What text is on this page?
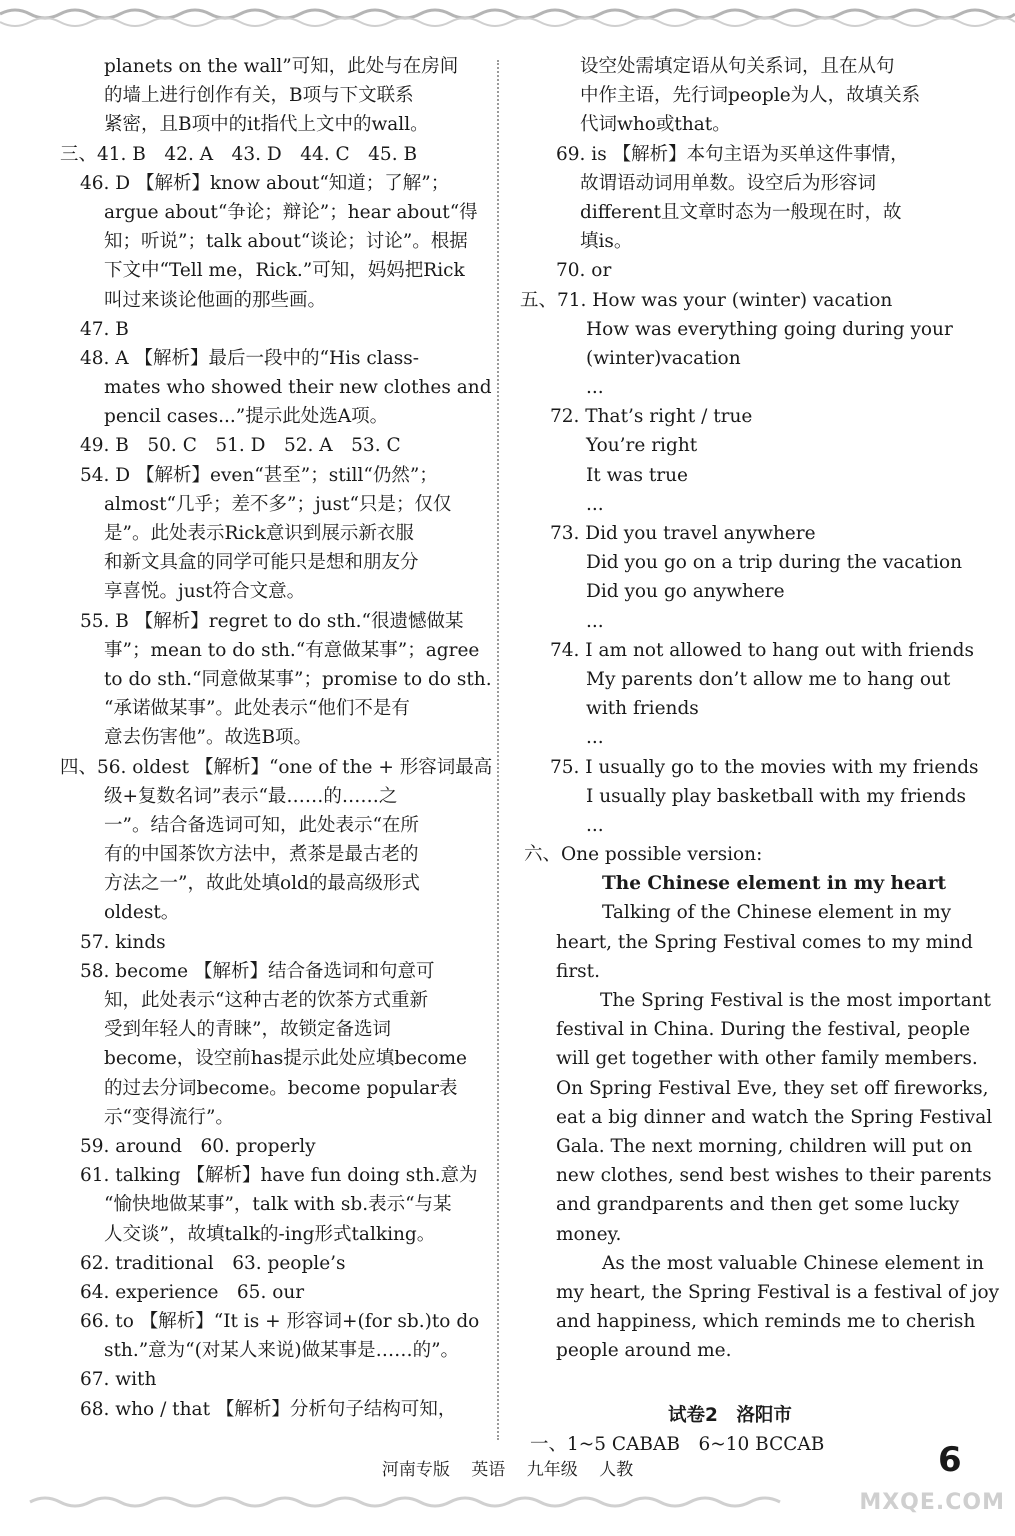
planets on the wall”可知，此处与在房间
的墙上进行创作有关，B项与下文联系
紧密，且B项中的it指代上文中的wall。
三、41. B　42. A　43. D　44. C　45. B
46. D 【解析】know about“知道；了解”；
argue about“争论；辩论”；hear about“得
知；听说”；talk about“谈论；讨论”。根据
下文中“Tell me，Rick.”可知，妈妈把Rick
叫过来谈论他画的那些画。
47. B
48. A 【解析】最后一段中的“His class-
mates who showed their new clothes and
pencil cases...”提示此处选A项。
49. B　50. C　51. D　52. A　53. C
54. D 【解析】even“甚至”；still“仍然”；
almost“几乎；差不多”；just“只是；仅仅
是”。此处表示Rick意识到展示新衣服
和新文具盒的同学可能只是想和朋友分
享喜悦。just符合文意。
55. B 【解析】regret to do sth.“很遗憾做某
事”；mean to do sth.“有意做某事”；agree
to do sth.“同意做某事”；promise to do sth.
“承诺做某事”。此处表示“他们不是有
意去伤害他”。故选B项。
四、56. oldest 【解析】“one of the + 形容词最高
级+复数名词”表示“最……的……之
一”。结合备选词可知，此处表示“在所
有的中国茶饮方法中，煮茶是最古老的
方法之一”，故此处填old的最高级形式
oldest。
57. kinds
58. become 【解析】结合备选词和句意可
知，此处表示“这种古老的饮茶方式重新
受到年轻人的青睐”，故锁定备选词
become，设空前has提示此处应填become
的过去分词become。become popular表
示“变得流行”。
59. around　60. properly
61. talking 【解析】have fun doing sth.意为
“愉快地做某事”，talk with sb.表示“与某
人交谈”，故填talk的-ing形式talking。
62. traditional　63. people’s
64. experience　65. our
66. to 【解析】“It is + 形容词+(for sb.)to do
sth.”意为“(对某人来说)做某事是……的”。
67. with
68. who / that 【解析】分析句子结构可知，
设空处需填定语从句关系词，且在从句
中作主语，先行词people为人，故填关系
代词who或that。
69. is 【解析】本句主语为买单这件事情，
故谓语动词用单数。设空后为形容词
different且文章时态为一般现在时，故
填is。
70. or
五、71. How was your (winter) vacation
How was everything going during your
(winter)vacation
...
72. That’s right / true
You’re right
It was true
...
73. Did you travel anywhere
Did you go on a trip during the vacation
Did you go anywhere
...
74. I am not allowed to hang out with friends
My parents don’t allow me to hang out
with friends
...
75. I usually go to the movies with my friends
I usually play basketball with my friends
...
六、One possible version:
The Chinese element in my heart
Talking of the Chinese element in my
heart, the Spring Festival comes to my mind
first.
The Spring Festival is the most important
festival in China. During the festival, people
will get together with other family members.
On Spring Festival Eve, they set off fireworks,
eat a big dinner and watch the Spring Festival
Gala. The next morning, children will put on
new clothes, send best wishes to their parents
and grandparents and then get some lucky
money.
As the most valuable Chinese element in
my heart, the Spring Festival is a festival of joy
and happiness, which reminds me to cherish
people around me.
试卷2　洛阳市
一、1~5 CABAB　6~10 BCCAB
河南专版 英语 九年级 人教	6
MXQE.COM
